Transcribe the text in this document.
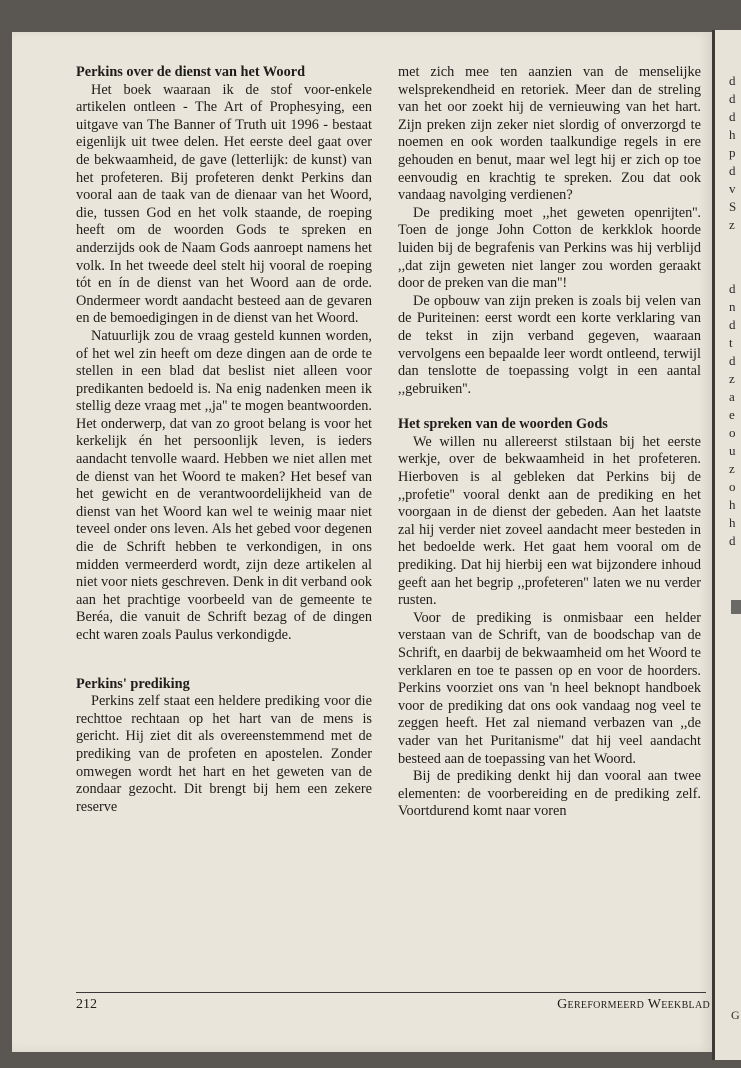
d
d
d
h
p
d
v
S
z
d
n
d
t
d
z
a
e
o
u
z
o
h
h
d
G
Perkins over de dienst van het Woord

Het boek waaraan ik de stof voor-enkele artikelen ontleen - The Art of Prophesying, een uitgave van The Banner of Truth uit 1996 - bestaat eigenlijk uit twee delen. Het eerste deel gaat over de bekwaamheid, de gave (letterlijk: de kunst) van het profeteren. Bij profeteren denkt Perkins dan vooral aan de taak van de dienaar van het Woord, die, tussen God en het volk staande, de roeping heeft om de woorden Gods te spreken en anderzijds ook de Naam Gods aanroept namens het volk. In het tweede deel stelt hij vooral de roeping tót en ín de dienst van het Woord aan de orde. Ondermeer wordt aandacht besteed aan de gevaren en de bemoedigingen in de dienst van het Woord.

Natuurlijk zou de vraag gesteld kunnen worden, of het wel zin heeft om deze dingen aan de orde te stellen in een blad dat beslist niet alleen voor predikanten bedoeld is. Na enig nadenken meen ik stellig deze vraag met ,,ja'' te mogen beantwoorden. Het onderwerp, dat van zo groot belang is voor het kerkelijk én het persoonlijk leven, is ieders aandacht tenvolle waard. Hebben we niet allen met de dienst van het Woord te maken? Het besef van het gewicht en de verantwoordelijkheid van de dienst van het Woord kan wel te weinig maar niet teveel onder ons leven. Als het gebed voor degenen die de Schrift hebben te verkondigen, in ons midden vermeerderd wordt, zijn deze artikelen al niet voor niets geschreven. Denk in dit verband ook aan het prachtige voorbeeld van de gemeente te Beréa, die vanuit de Schrift bezag of de dingen echt waren zoals Paulus verkondigde.

Perkins' prediking

Perkins zelf staat een heldere prediking voor die rechttoe rechtaan op het hart van de mens is gericht. Hij ziet dit als overeenstemmend met de prediking van de profeten en apostelen. Zonder omwegen wordt het hart en het geweten van de zondaar gezocht. Dit brengt bij hem een zekere reserve

met zich mee ten aanzien van de menselijke welsprekendheid en retoriek. Meer dan de streling van het oor zoekt hij de vernieuwing van het hart. Zijn preken zijn zeker niet slordig of onverzorgd te noemen en ook worden taalkundige regels in ere gehouden en benut, maar wel legt hij er zich op toe eenvoudig en krachtig te spreken. Zou dat ook vandaag navolging verdienen?

De prediking moet ,,het geweten openrijten''. Toen de jonge John Cotton de kerkklok hoorde luiden bij de begrafenis van Perkins was hij verblijd ,,dat zijn geweten niet langer zou worden geraakt door de preken van die man''!

De opbouw van zijn preken is zoals bij velen van de Puriteinen: eerst wordt een korte verklaring van de tekst in zijn verband gegeven, waaraan vervolgens een bepaalde leer wordt ontleend, terwijl dan tenslotte de toepassing volgt in een aantal ,,gebruiken''.

Het spreken van de woorden Gods

We willen nu allereerst stilstaan bij het eerste werkje, over de bekwaamheid in het profeteren. Hierboven is al gebleken dat Perkins bij de ,,profetie'' vooral denkt aan de prediking en het voorgaan in de dienst der gebeden. Aan het laatste zal hij verder niet zoveel aandacht meer besteden in het bedoelde werk. Het gaat hem vooral om de prediking. Dat hij hierbij een wat bijzondere inhoud geeft aan het begrip ,,profeteren'' laten we nu verder rusten.

Voor de prediking is onmisbaar een helder verstaan van de Schrift, van de boodschap van de Schrift, en daarbij de bekwaamheid om het Woord te verklaren en toe te passen op en voor de hoorders. Perkins voorziet ons van 'n heel beknopt handboek voor de prediking dat ons ook vandaag nog veel te zeggen heeft. Het zal niemand verbazen van ,,de vader van het Puritanisme'' dat hij veel aandacht besteed aan de toepassing van het Woord.

Bij de prediking denkt hij dan vooral aan twee elementen: de voorbereiding en de prediking zelf. Voortdurend komt naar voren

212	Gereformeerd Weekblad
